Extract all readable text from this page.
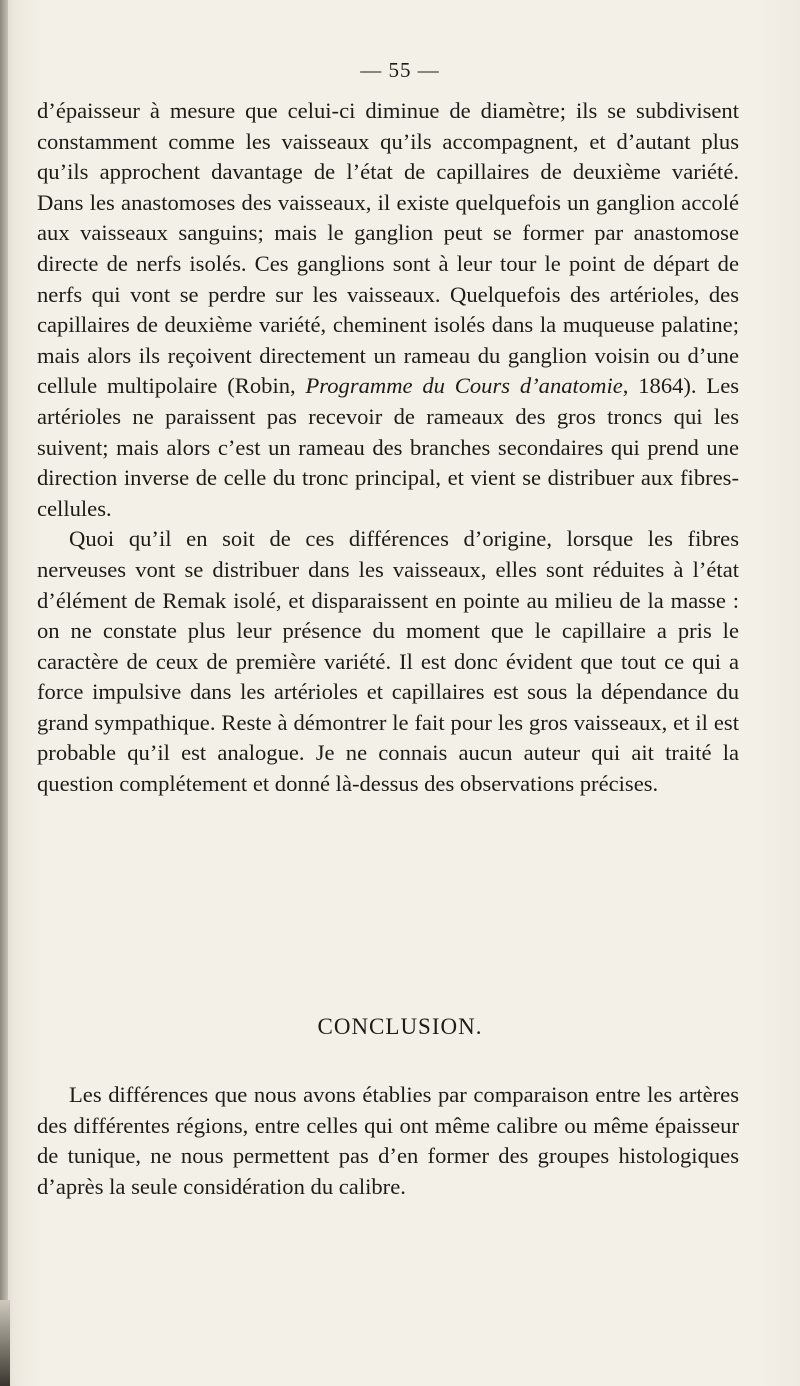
— 55 —

d’épaisseur à mesure que celui-ci diminue de diamètre; ils se subdivisent constamment comme les vaisseaux qu’ils accompagnent, et d’autant plus qu’ils approchent davantage de l’état de capillaires de deuxième variété. Dans les anastomoses des vaisseaux, il existe quelquefois un ganglion accolé aux vaisseaux sanguins; mais le ganglion peut se former par anastomose directe de nerfs isolés. Ces ganglions sont à leur tour le point de départ de nerfs qui vont se perdre sur les vaisseaux. Quelquefois des artérioles, des capillaires de deuxième variété, cheminent isolés dans la muqueuse palatine; mais alors ils reçoivent directement un rameau du ganglion voisin ou d’une cellule multipolaire (Robin, Programme du Cours d’anatomie, 1864). Les artérioles ne paraissent pas recevoir de rameaux des gros troncs qui les suivent; mais alors c’est un rameau des branches secondaires qui prend une direction inverse de celle du tronc principal, et vient se distribuer aux fibres-cellules.

Quoi qu’il en soit de ces différences d’origine, lorsque les fibres nerveuses vont se distribuer dans les vaisseaux, elles sont réduites à l’état d’élément de Remak isolé, et disparaissent en pointe au milieu de la masse : on ne constate plus leur présence du moment que le capillaire a pris le caractère de ceux de première variété. Il est donc évident que tout ce qui a force impulsive dans les artérioles et capillaires est sous la dépendance du grand sympathique. Reste à démontrer le fait pour les gros vaisseaux, et il est probable qu’il est analogue. Je ne connais aucun auteur qui ait traité la question complétement et donné là-dessus des observations précises.

CONCLUSION.

Les différences que nous avons établies par comparaison entre les artères des différentes régions, entre celles qui ont même calibre ou même épaisseur de tunique, ne nous permettent pas d’en former des groupes histologiques d’après la seule considération du calibre.
